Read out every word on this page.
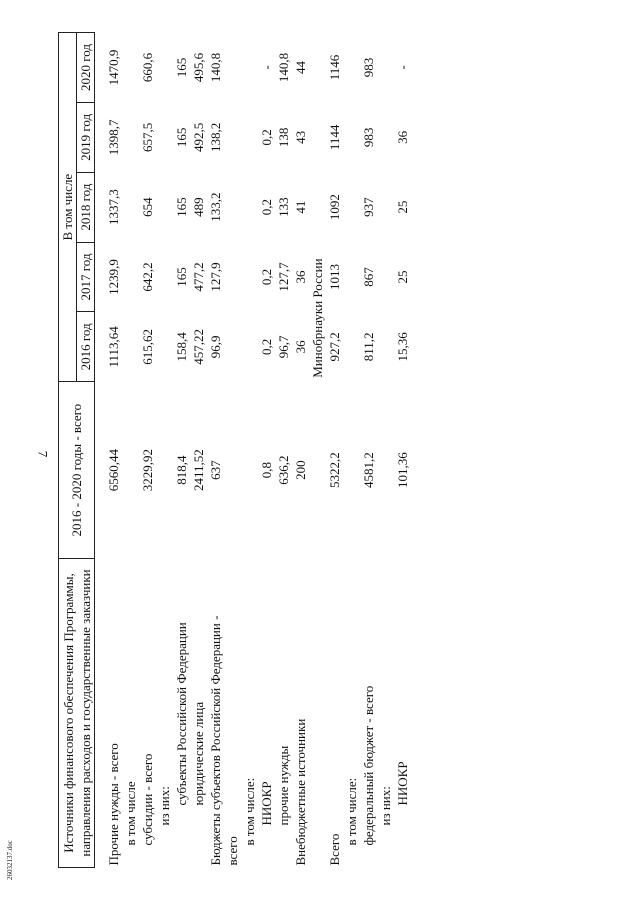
7
26032137.doc
Источники финансового обеспечения Программы, направления расходов и государственные заказчики	2016 - 2020 годы - всего	В том числе				
		2016 год	2017 год	2018 год	2019 год	2020 год

Прочие нужды - всего	6560,44	1113,64	1239,9	1337,3	1398,7	1470,9
в том числе						
субсидии - всего	3229,92	615,62	642,2	654	657,5	660,6
из них:						
субъекты Российской Федерации	818,4	158,4	165	165	165	165
юридические лица	2411,52	457,22	477,2	489	492,5	495,6
Бюджеты субъектов Российской Федерации -	637	96,9	127,9	133,2	138,2	140,8
всего						
в том числе:						
НИОКР	0,8	0,2	0,2	0,2	0,2	-
прочие нужды	636,2	96,7	127,7	133	138	140,8
Внебюджетные источники	200	36	36	41	43	44
		Минобрнауки России				
Всего	5322,2	927,2	1013	1092	1144	1146
в том числе:						
федеральный бюджет - всего	4581,2	811,2	867	937	983	983
из них:						
НИОКР	101,36	15,36	25	25	36	-
